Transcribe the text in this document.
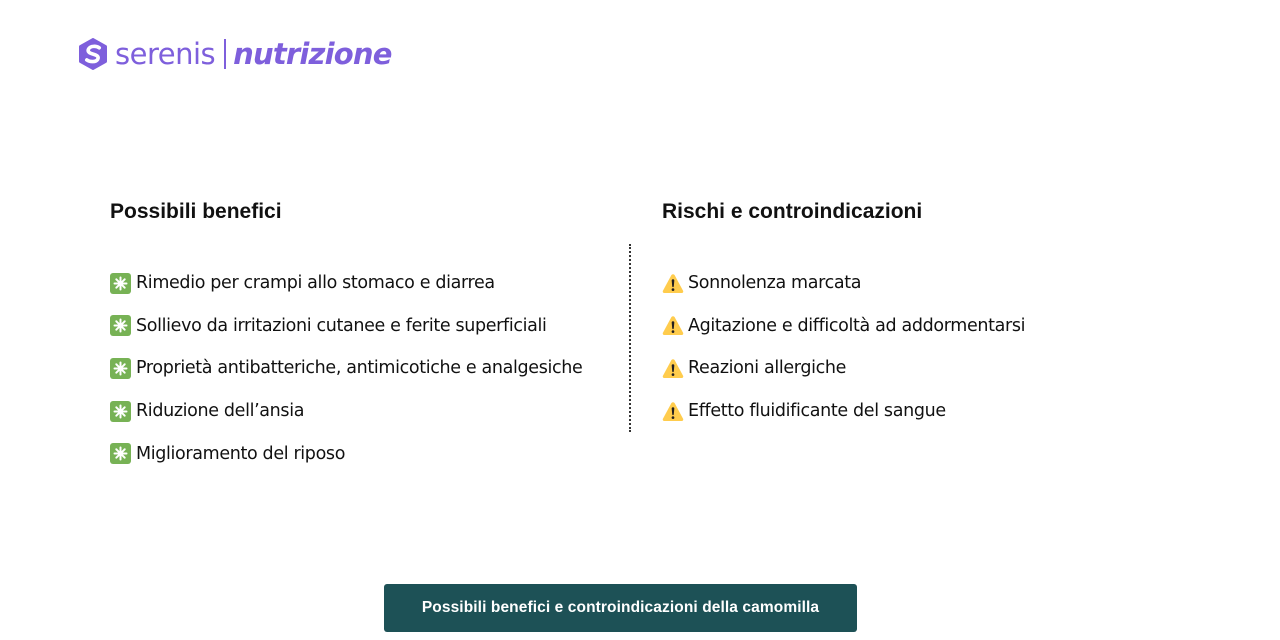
serenis nutrizione
Possibili benefici
Rimedio per crampi allo stomaco e diarrea
Sollievo da irritazioni cutanee e ferite superficiali
Proprietà antibatteriche, antimicotiche e analgesiche
Riduzione dell’ansia
Miglioramento del riposo
Rischi e controindicazioni
Sonnolenza marcata
Agitazione e difficoltà ad addormentarsi
Reazioni allergiche
Effetto fluidificante del sangue
Possibili benefici e controindicazioni della camomilla
